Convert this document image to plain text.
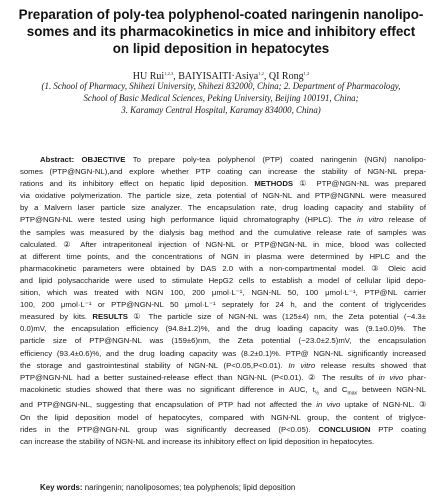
Preparation of poly-tea polyphenol-coated naringenin nanolipo-
somes and its pharmacokinetics in mice and inhibitory effect
on lipid deposition in hepatocytes
HU Rui$^{1,2,3}$, BAIYISAITI·Asiya$^{1,2}$, QI Rong$^{1,2}$
(1. School of Pharmacy, Shihezi University, Shihezi 832000, China; 2. Department of Pharmacology,
School of Basic Medical Sciences, Peking University, Beijing 100191, China;
3. Karamay Central Hospital, Karamay 834000, China)
Abstract: OBJECTIVE To prepare poly-tea polyphenol (PTP) coated naringenin (NGN) nanolipo-
somes (PTP@NGN-NL),and explore whether PTP coating can increase the stability of NGN-NL prepa-
rations and its inhibitory effect on hepatic lipid deposition. METHODS ① PTP@NGN-NL was prepared
via oxidative polymerization. The particle size, zeta potential of NGN-NL and PTP@NGNNL were measured
by a Malvern laser particle size analyzer. The encapsulation rate, drug loading capacity and stability of
PTP@NGN-NL were tested using high performance liquid chromatography (HPLC). The in vitro release of
the samples was measured by the dialysis bag method and the cumulative release rate of samples was
calculated. ② After intraperitoneal injection of NGN-NL or PTP@NGN-NL in mice, blood was collected
at different time points, and the concentrations of NGN in plasma were determined by HPLC and the
pharmacokinetic parameters were obtained by DAS 2.0 with a non-compartmental model. ③ Oleic acid
and lipid polysaccharide were used to stimulate HepG2 cells to establish a model of cellular lipid depo-
sition, which was treated with NGN 100, 200 μmol·L⁻¹, NGN-NL 50, 100 μmol·L⁻¹, PTP@NL carrier
100, 200 μmol·L⁻¹ or PTP@NGN-NL 50 μmol·L⁻¹ seprately for 24 h, and the content of triglycerides
measured by kits. RESULTS ① The particle size of NGN-NL was (125±4) nm, the Zeta potential (−4.3±
0.0)mV, the encapsulation efficiency (94.8±1.2)%, and the drug loading capacity was (9.1±0.0)%. The
particle size of PTP@NGN-NL was (159±6)nm, the Zeta potential (−23.0±2.5)mV, the encapsulation
efficiency (93.4±0.6)%, and the drug loading capacity was (8.2±0.1)%. PTP@ NGN-NL significantly increased
the storage and gastrointestinal stability of NGN-NL (P<0.05,P<0.01). In vitro release results showed that
PTP@NGN-NL had a better sustained-release effect than NGN-NL (P<0.01). ② The results of in vivo phar-
macokinetic studies showed that there was no significant difference in AUC, $t_{\frac{1}{2}}$ and $C_{max}$ between NGN-NL
and PTP@NGN-NL, suggesting that encapsulation of PTP had not affected the in vivo uptake of NGN-NL. ③
On the lipid deposition model of hepatocytes, compared with NGN-NL group, the content of triglyce-
rides in the PTP@NGN-NL group was significantly decreased (P<0.05). CONCLUSION PTP coating
can increase the stability of NGN-NL and increase its inhibitory effect on lipid deposition in hepatocytes.
Key words: naringenin; nanoliposomes; tea polyphenols; lipid deposition
